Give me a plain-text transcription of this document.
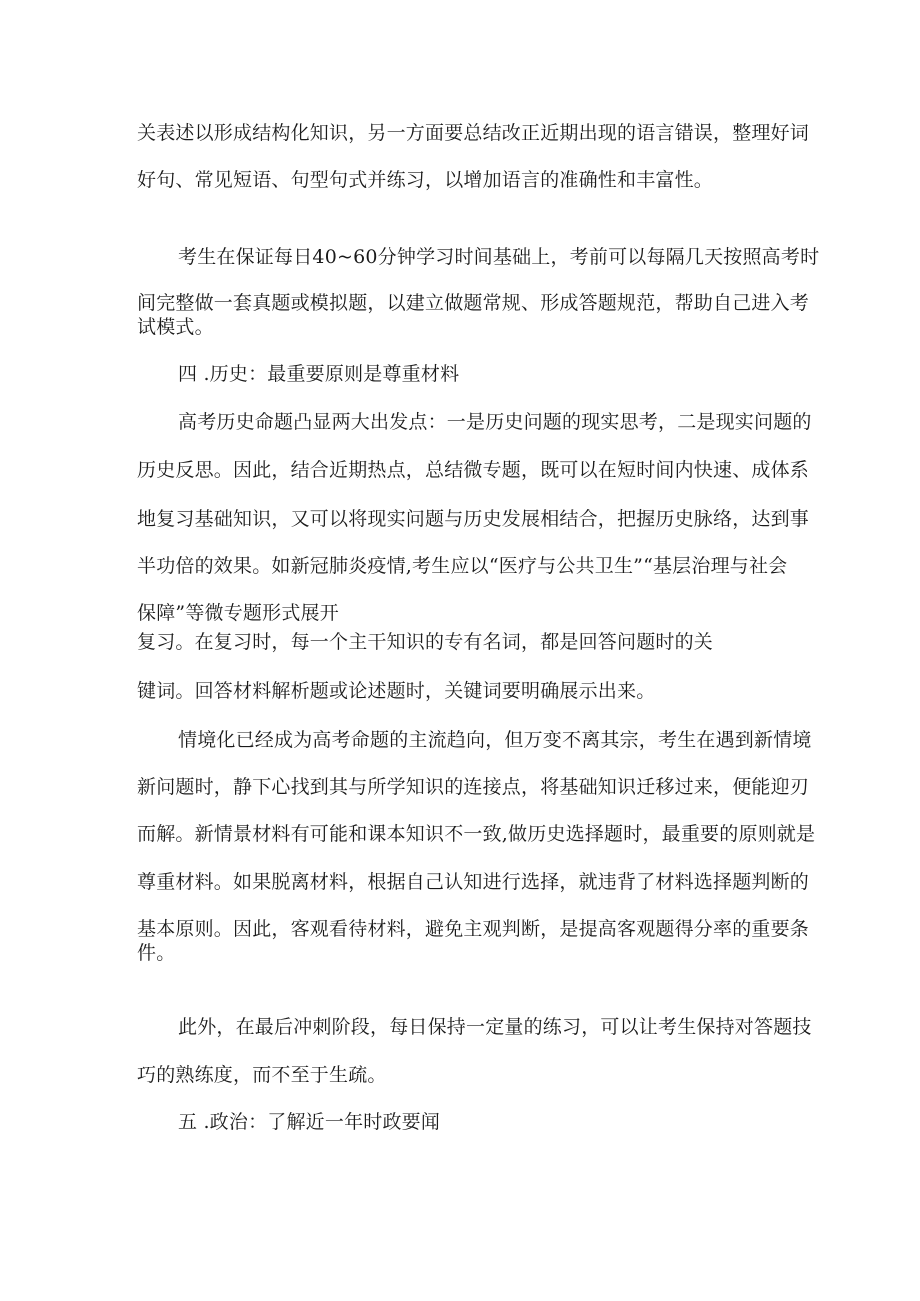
关表述以形成结构化知识，另一方面要总结改正近期出现的语言错误，整理好词
好句、常见短语、句型句式并练习，以增加语言的准确性和丰富性。
考生在保证每日40~60分钟学习时间基础上，考前可以每隔几天按照高考时
间完整做一套真题或模拟题，以建立做题常规、形成答题规范，帮助自己进入考
试模式。
四 .历史：最重要原则是尊重材料
高考历史命题凸显两大出发点：一是历史问题的现实思考，二是现实问题的
历史反思。因此，结合近期热点，总结微专题，既可以在短时间内快速、成体系
地复习基础知识，又可以将现实问题与历史发展相结合，把握历史脉络，达到事
半功倍的效果。如新冠肺炎疫情,考生应以“医疗与公共卫生”“基层治理与社会
保障”等微专题形式展开
复习。在复习时，每一个主干知识的专有名词，都是回答问题时的关
键词。回答材料解析题或论述题时，关键词要明确展示出来。
情境化已经成为高考命题的主流趋向，但万变不离其宗，考生在遇到新情境
新问题时，静下心找到其与所学知识的连接点，将基础知识迁移过来，便能迎刃
而解。新情景材料有可能和课本知识不一致,做历史选择题时，最重要的原则就是
尊重材料。如果脱离材料，根据自己认知进行选择，就违背了材料选择题判断的
基本原则。因此，客观看待材料，避免主观判断，是提高客观题得分率的重要条
件。
此外，在最后冲刺阶段，每日保持一定量的练习，可以让考生保持对答题技
巧的熟练度，而不至于生疏。
五 .政治：了解近一年时政要闻
